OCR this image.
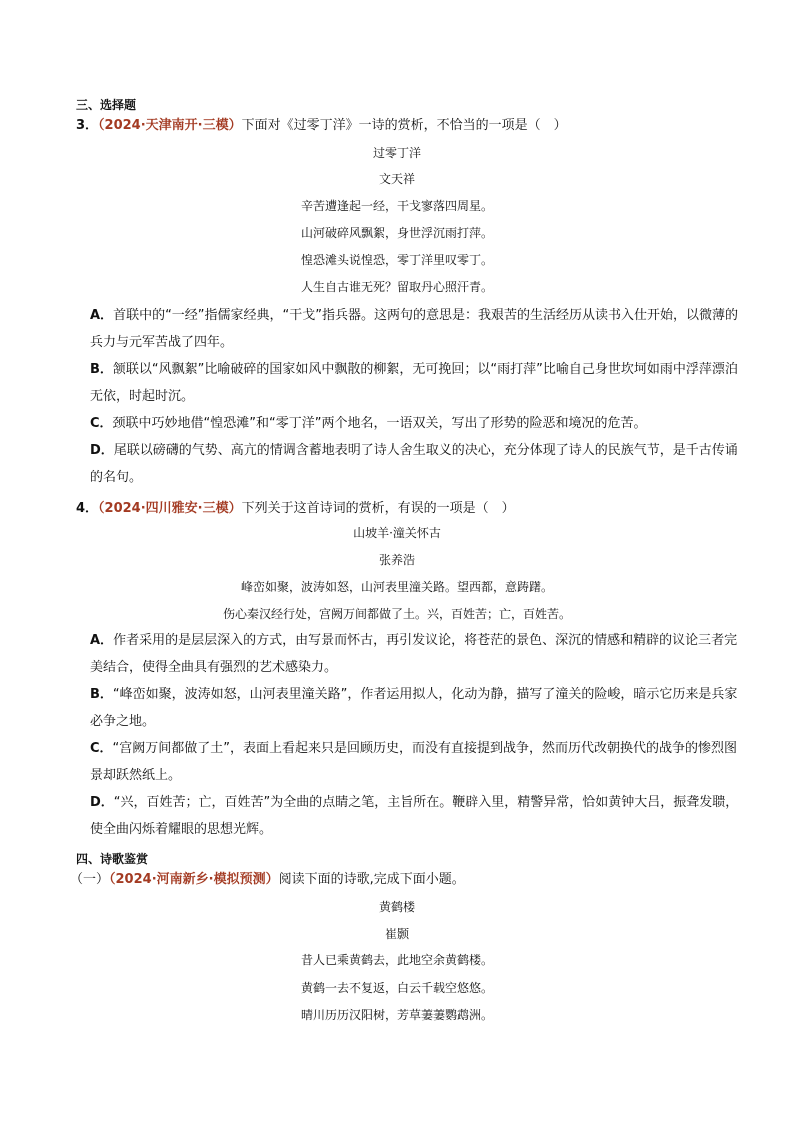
三、选择题
3．（2024·天津南开·三模）下面对《过零丁洋》一诗的赏析，不恰当的一项是（　）
过零丁洋
文天祥
辛苦遭逢起一经，干戈寥落四周星。
山河破碎风飘絮，身世浮沉雨打萍。
惶恐滩头说惶恐，零丁洋里叹零丁。
人生自古谁无死？留取丹心照汗青。
A．首联中的“一经”指儒家经典，“干戈”指兵器。这两句的意思是：我艰苦的生活经历从读书入仕开始，以微薄的兵力与元军苦战了四年。
B．颔联以“风飘絮”比喻破碎的国家如风中飘散的柳絮，无可挽回；以“雨打萍”比喻自己身世坎坷如雨中浮萍漂泊无依，时起时沉。
C．颈联中巧妙地借“惶恐滩”和“零丁洋”两个地名，一语双关，写出了形势的险恶和境况的危苦。
D．尾联以磅礴的气势、高亢的情调含蓄地表明了诗人舍生取义的决心，充分体现了诗人的民族气节，是千古传诵的名句。
4．（2024·四川雅安·三模）下列关于这首诗词的赏析，有误的一项是（　）
山坡羊·潼关怀古
张养浩
峰峦如聚，波涛如怒，山河表里潼关路。望西都，意踌躇。
伤心秦汉经行处，宫阙万间都做了土。兴，百姓苦；亡，百姓苦。
A．作者采用的是层层深入的方式，由写景而怀古，再引发议论，将苍茫的景色、深沉的情感和精辟的议论三者完美结合，使得全曲具有强烈的艺术感染力。
B．“峰峦如聚，波涛如怒，山河表里潼关路”，作者运用拟人，化动为静，描写了潼关的险峻，暗示它历来是兵家必争之地。
C．“宫阙万间都做了土”，表面上看起来只是回顾历史，而没有直接提到战争，然而历代改朝换代的战争的惨烈图景却跃然纸上。
D．“兴，百姓苦；亡，百姓苦”为全曲的点睛之笔，主旨所在。鞭辟入里，精警异常，恰如黄钟大吕，振聋发聩，使全曲闪烁着耀眼的思想光辉。
四、诗歌鉴赏
（一）（2024·河南新乡·模拟预测）阅读下面的诗歌,完成下面小题。
黄鹤楼
崔颢
昔人已乘黄鹤去，此地空余黄鹤楼。
黄鹤一去不复返，白云千载空悠悠。
晴川历历汉阳树，芳草萋萋鹦鹉洲。
